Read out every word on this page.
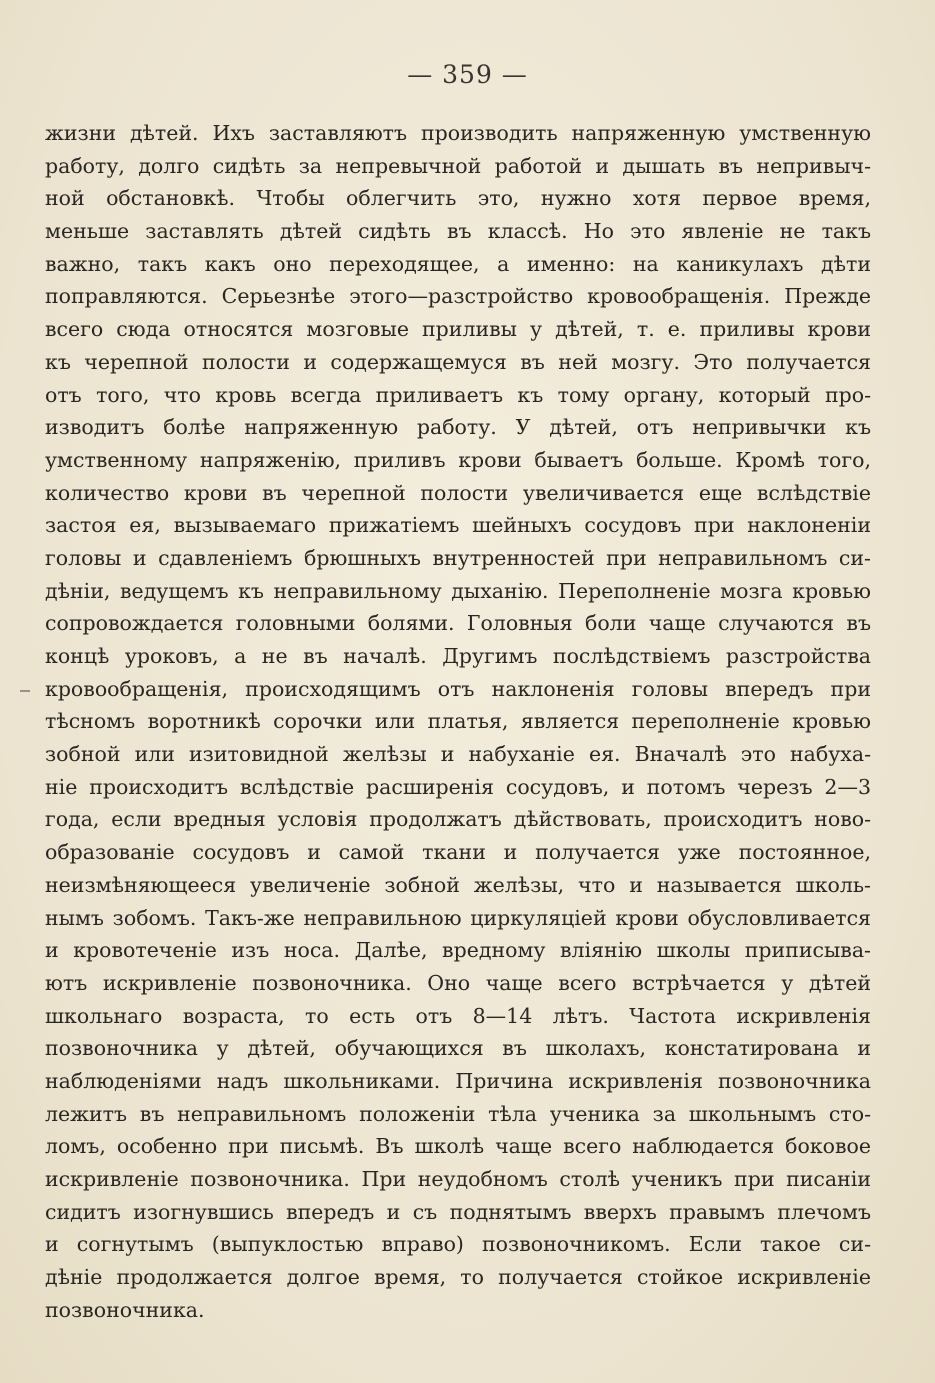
— 359 —
жизни дѣтей. Ихъ заставляютъ производить напряженную умственную
работу, долго сидѣть за непревычной работой и дышать въ непривыч-
ной обстановкѣ. Чтобы облегчить это, нужно хотя первое время,
меньше заставлять дѣтей сидѣть въ классѣ. Но это явленіе не такъ
важно, такъ какъ оно переходящее, а именно: на каникулахъ дѣти
поправляются. Серьезнѣе этого—разстройство кровообращенія. Прежде
всего сюда относятся мозговые приливы у дѣтей, т. е. приливы крови
къ черепной полости и содержащемуся въ ней мозгу. Это получается
отъ того, что кровь всегда приливаетъ къ тому органу, который про-
изводитъ болѣе напряженную работу. У дѣтей, отъ непривычки къ
умственному напряженію, приливъ крови бываетъ больше. Кромѣ того,
количество крови въ черепной полости увеличивается еще вслѣдствіе
застоя ея, вызываемаго прижатіемъ шейныхъ сосудовъ при наклоненіи
головы и сдавленіемъ брюшныхъ внутренностей при неправильномъ си-
дѣніи, ведущемъ къ неправильному дыханію. Переполненіе мозга кровью
сопровождается головными болями. Головныя боли чаще случаются въ
концѣ уроковъ, а не въ началѣ. Другимъ послѣдствіемъ разстройства
кровообращенія, происходящимъ отъ наклоненія головы впередъ при
тѣсномъ воротникѣ сорочки или платья, является переполненіе кровью
зобной или изитовидной желѣзы и набуханіе ея. Вначалѣ это набуха-
ніе происходитъ вслѣдствіе расширенія сосудовъ, и потомъ черезъ 2—3
года, если вредныя условія продолжатъ дѣйствовать, происходитъ ново-
образованіе сосудовъ и самой ткани и получается уже постоянное,
неизмѣняющееся увеличеніе зобной желѣзы, что и называется школь-
нымъ зобомъ. Такъ-же неправильною циркуляціей крови обусловливается
и кровотеченіе изъ носа. Далѣе, вредному вліянію школы приписыва-
ютъ искривленіе позвоночника. Оно чаще всего встрѣчается у дѣтей
школьнаго возраста, то есть отъ 8—14 лѣтъ. Частота искривленія
позвоночника у дѣтей, обучающихся въ школахъ, констатирована и
наблюденіями надъ школьниками. Причина искривленія позвоночника
лежитъ въ неправильномъ положеніи тѣла ученика за школьнымъ сто-
ломъ, особенно при письмѣ. Въ школѣ чаще всего наблюдается боковое
искривленіе позвоночника. При неудобномъ столѣ ученикъ при писаніи
сидитъ изогнувшись впередъ и съ поднятымъ вверхъ правымъ плечомъ
и согнутымъ (выпуклостью вправо) позвоночникомъ. Если такое си-
дѣніе продолжается долгое время, то получается стойкое искривленіе
позвоночника.
